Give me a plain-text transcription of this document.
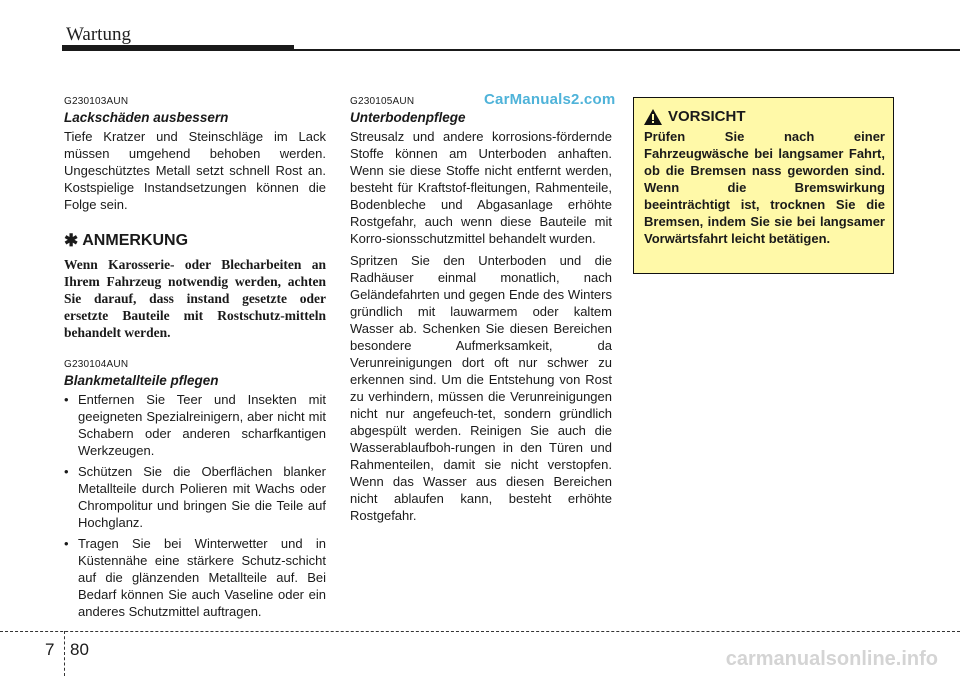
Wartung
CarManuals2.com

G230103AUN

Lackschäden ausbessern

Tiefe Kratzer und Steinschläge im Lack müssen umgehend behoben werden. Ungeschütztes Metall setzt schnell Rost an. Kostspielige Instandsetzungen können die Folge sein.

✱ ANMERKUNG

Wenn Karosserie- oder Blecharbeiten an Ihrem Fahrzeug notwendig werden, achten Sie darauf, dass instand gesetzte oder ersetzte Bauteile mit Rostschutz-mitteln behandelt werden.

G230104AUN

Blankmetallteile pflegen

• Entfernen Sie Teer und Insekten mit geeigneten Spezialreinigern, aber nicht mit Schabern oder anderen scharfkantigen Werkzeugen.
• Schützen Sie die Oberflächen blanker Metallteile durch Polieren mit Wachs oder Chrompolitur und bringen Sie die Teile auf Hochglanz.
• Tragen Sie bei Winterwetter und in Küstennähe eine stärkere Schutz-schicht auf die glänzenden Metallteile auf. Bei Bedarf können Sie auch Vaseline oder ein anderes Schutzmittel auftragen.

G230105AUN

Unterbodenpflege

Streusalz und andere korrosions-fördernde Stoffe können am Unterboden anhaften. Wenn sie diese Stoffe nicht entfernt werden, besteht für Kraftstof-fleitungen, Rahmenteile, Bodenbleche und Abgasanlage erhöhte Rostgefahr, auch wenn diese Bauteile mit Korro-sionsschutzmittel behandelt wurden.

Spritzen Sie den Unterboden und die Radhäuser einmal monatlich, nach Geländefahrten und gegen Ende des Winters gründlich mit lauwarmem oder kaltem Wasser ab. Schenken Sie diesen Bereichen besondere Aufmerksamkeit, da Verunreinigungen dort oft nur schwer zu erkennen sind. Um die Entstehung von Rost zu verhindern, müssen die Verunreinigungen nicht nur angefeuch-tet, sondern gründlich abgespült werden. Reinigen Sie auch die Wasserablaufboh-rungen in den Türen und Rahmenteilen, damit sie nicht verstopfen. Wenn das Wasser aus diesen Bereichen nicht ablaufen kann, besteht erhöhte Rostgefahr.

VORSICHT

Prüfen Sie nach einer Fahrzeugwäsche bei langsamer Fahrt, ob die Bremsen nass geworden sind. Wenn die Bremswirkung beeinträchtigt ist, trocknen Sie die Bremsen, indem Sie sie bei langsamer Vorwärtsfahrt leicht betätigen.

7 80	carmanualsonline.info
